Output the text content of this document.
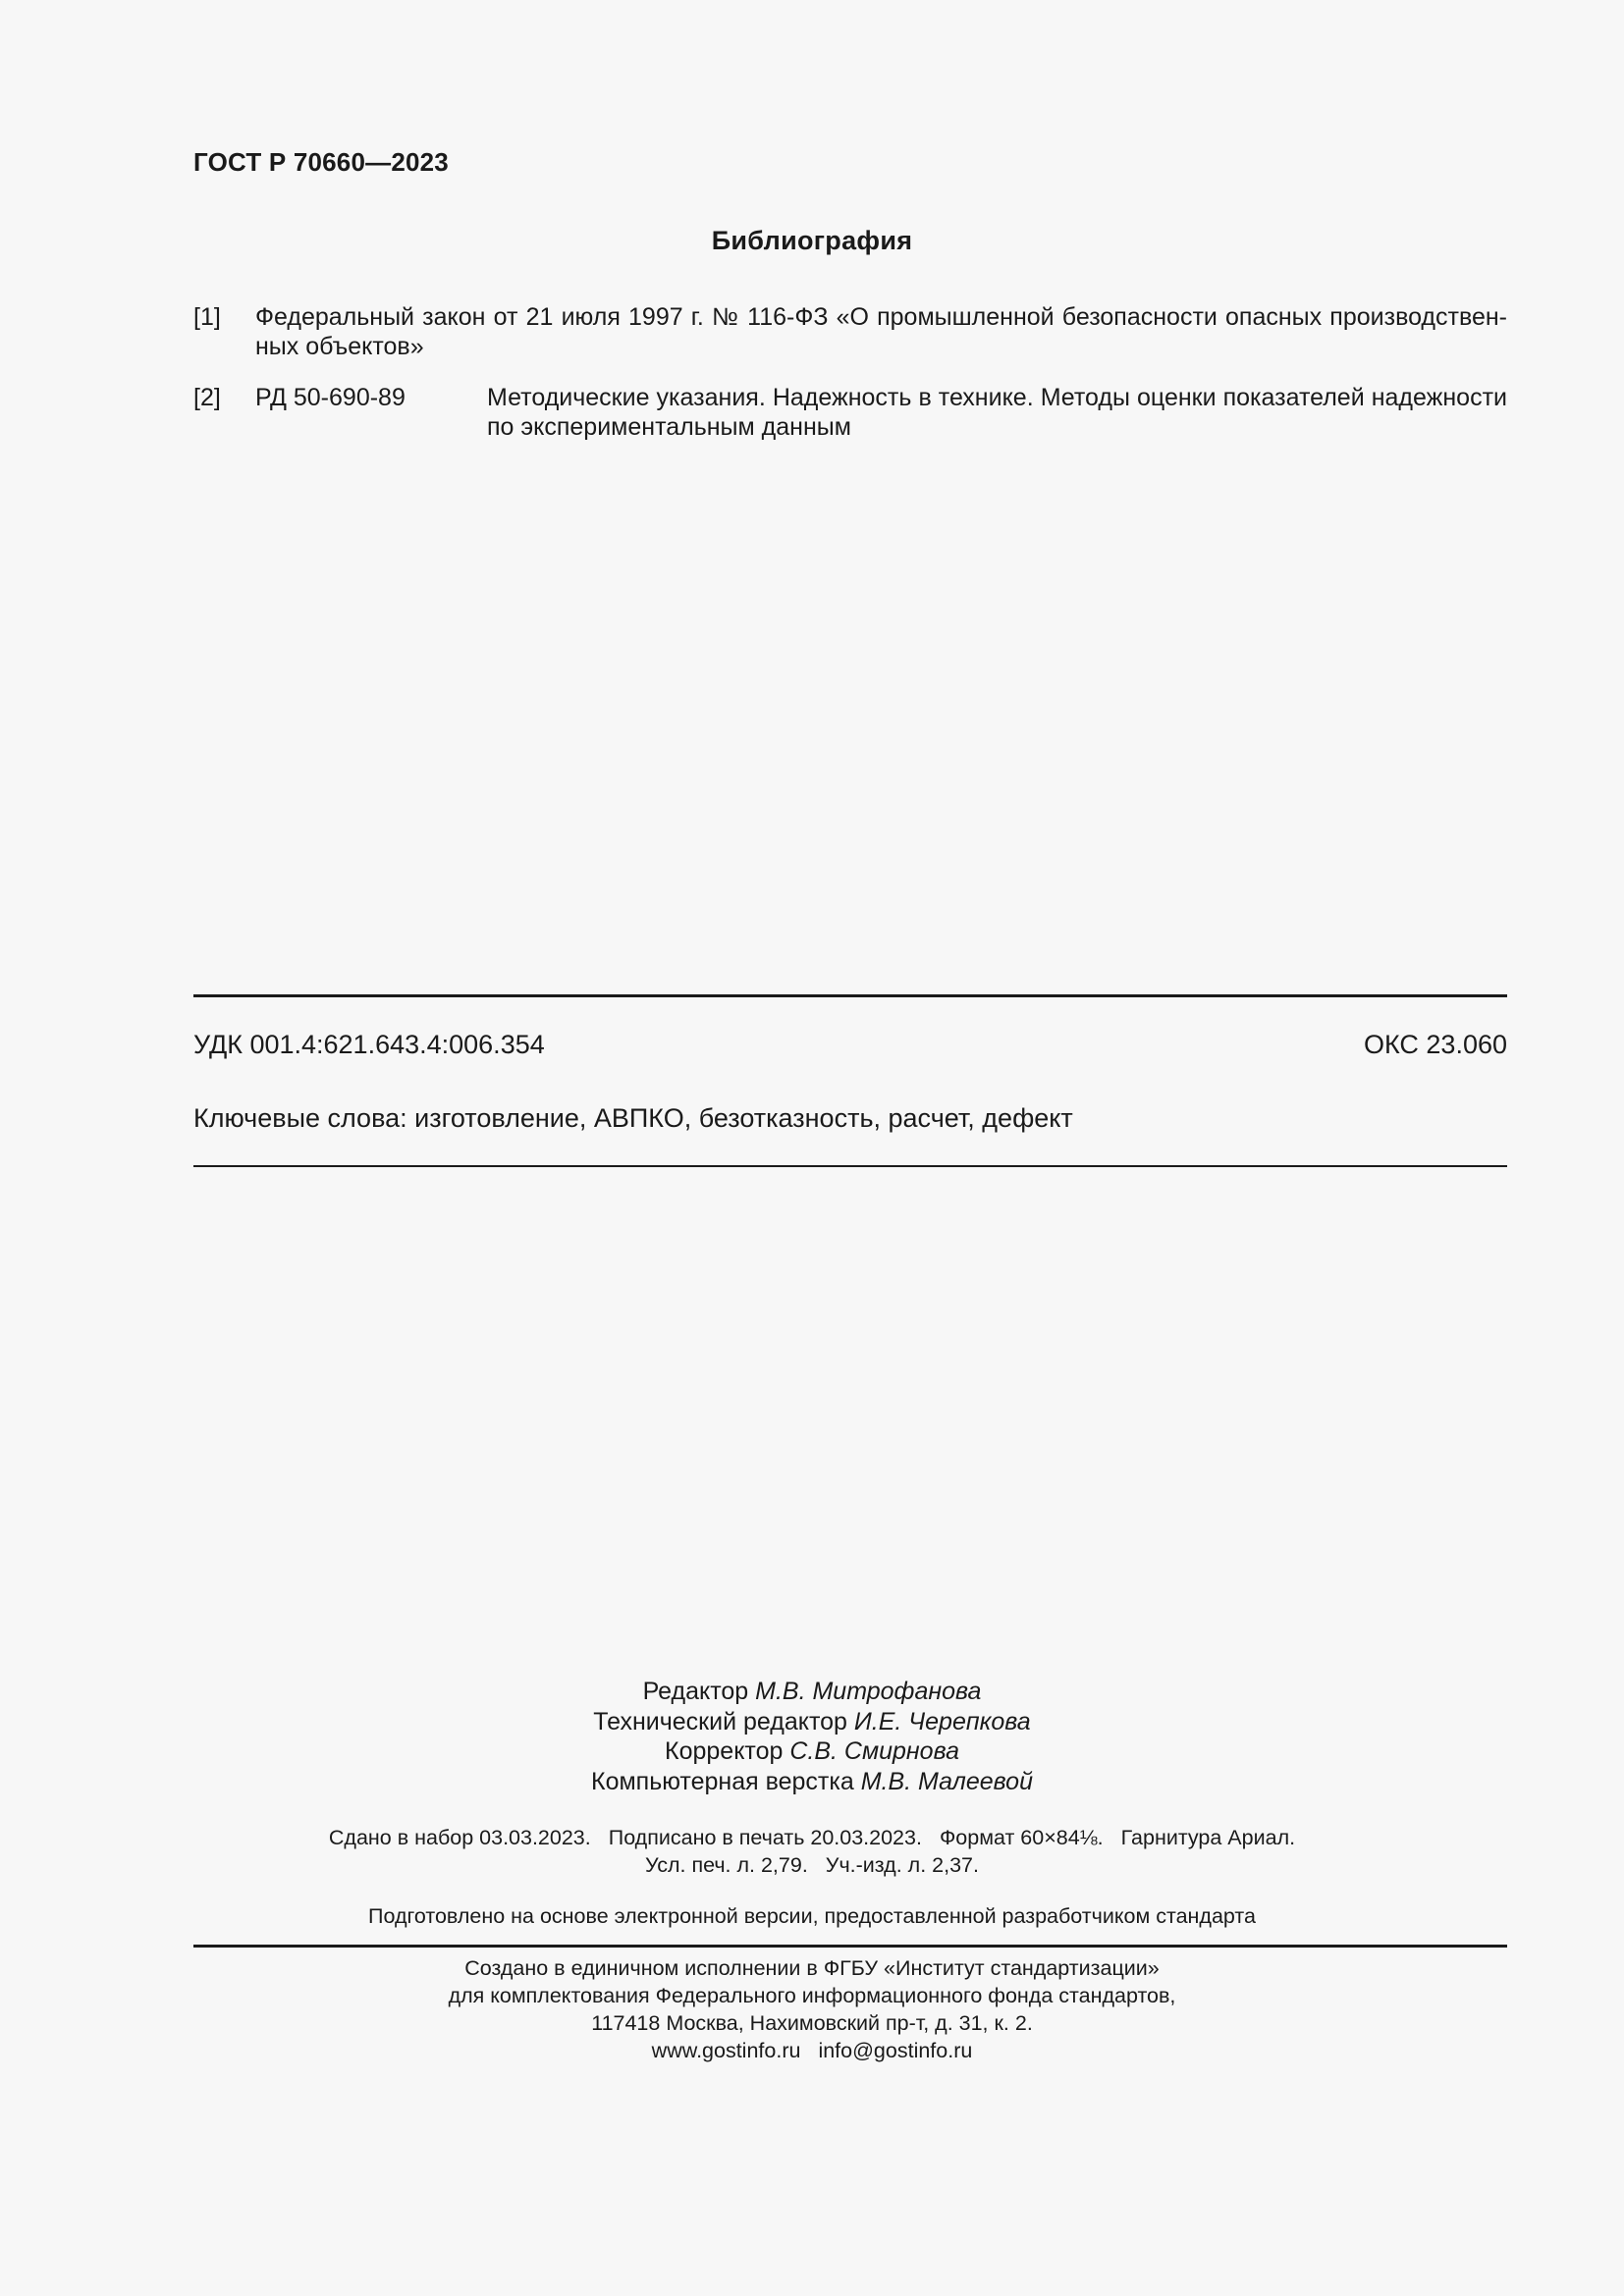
ГОСТ Р 70660—2023
Библиография
[1] Федеральный закон от 21 июля 1997 г. № 116-ФЗ «О промышленной безопасности опасных производствен-
ных объектов»
[2] РД 50-690-89	Методические указания. Надежность в технике. Методы оценки показателей надежности
по экспериментальным данным
УДК 001.4:621.643.4:006.354	ОКС 23.060
Ключевые слова: изготовление, АВПКО, безотказность, расчет, дефект
Редактор М.В. Митрофанова
Технический редактор И.Е. Черепкова
Корректор С.В. Смирнова
Компьютерная верстка М.В. Малеевой
Сдано в набор 03.03.2023. Подписано в печать 20.03.2023. Формат 60×84⅛. Гарнитура Ариал.
Усл. печ. л. 2,79. Уч.-изд. л. 2,37.
Подготовлено на основе электронной версии, предоставленной разработчиком стандарта
Создано в единичном исполнении в ФГБУ «Институт стандартизации»
для комплектования Федерального информационного фонда стандартов,
117418 Москва, Нахимовский пр-т, д. 31, к. 2.
www.gostinfo.ru info@gostinfo.ru
